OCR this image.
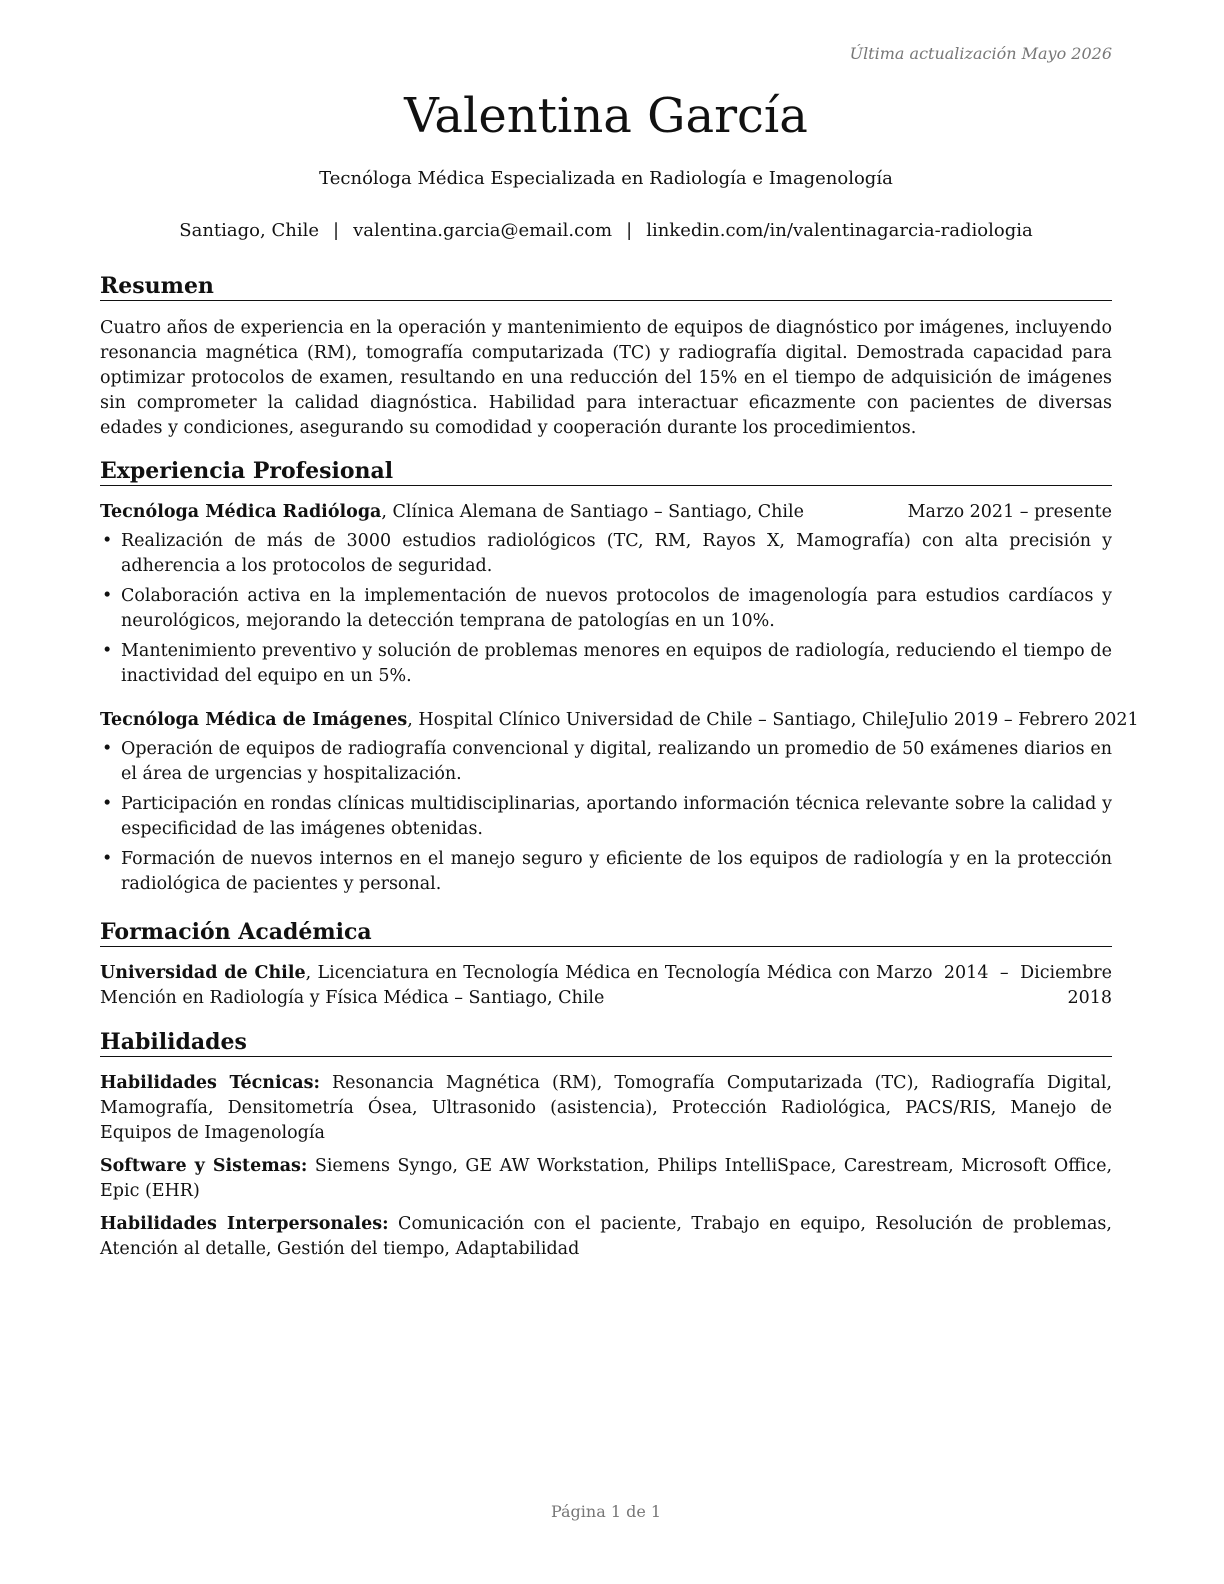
Última actualización Mayo 2026
Valentina García
Tecnóloga Médica Especializada en Radiología e Imagenología
Santiago, Chile | valentina.garcia@email.com | linkedin.com/in/valentinagarcia-radiologia
Resumen

Cuatro años de experiencia en la operación y mantenimiento de equipos de diagnóstico por imágenes, incluyendo resonancia magnética (RM), tomografía computarizada (TC) y radiografía digital. Demostrada capacidad para optimizar protocolos de examen, resultando en una reducción del 15% en el tiempo de adquisición de imágenes sin comprometer la calidad diagnóstica. Habilidad para interactuar eficazmente con pacientes de diversas edades y condiciones, asegurando su comodidad y cooperación durante los procedimientos.

Experiencia Profesional
Tecnóloga Médica Radióloga, Clínica Alemana de Santiago – Santiago, Chile	Marzo 2021 – presente
• Realización de más de 3000 estudios radiológicos (TC, RM, Rayos X, Mamografía) con alta precisión y adherencia a los protocolos de seguridad.
• Colaboración activa en la implementación de nuevos protocolos de imagenología para estudios cardíacos y neurológicos, mejorando la detección temprana de patologías en un 10%.
• Mantenimiento preventivo y solución de problemas menores en equipos de radiología, reduciendo el tiempo de inactividad del equipo en un 5%.
Tecnóloga Médica de Imágenes, Hospital Clínico Universidad de Chile – Santiago, Chile Julio 2019 – Febrero 2021
• Operación de equipos de radiografía convencional y digital, realizando un promedio de 50 exámenes diarios en el área de urgencias y hospitalización.
• Participación en rondas clínicas multidisciplinarias, aportando información técnica relevante sobre la calidad y especificidad de las imágenes obtenidas.
• Formación de nuevos internos en el manejo seguro y eficiente de los equipos de radiología y en la protección radiológica de pacientes y personal.
Formación Académica
Universidad de Chile, Licenciatura en Tecnología Médica en Tecnología Médica con Mención en Radiología y Física Médica – Santiago, Chile
Marzo 2014 – Diciembre 2018
Habilidades

Habilidades Técnicas: Resonancia Magnética (RM), Tomografía Computarizada (TC), Radiografía Digital, Mamografía, Densitometría Ósea, Ultrasonido (asistencia), Protección Radiológica, PACS/RIS, Manejo de Equipos de Imagenología

Software y Sistemas: Siemens Syngo, GE AW Workstation, Philips IntelliSpace, Carestream, Microsoft Office, Epic (EHR)

Habilidades Interpersonales: Comunicación con el paciente, Trabajo en equipo, Resolución de problemas, Atención al detalle, Gestión del tiempo, Adaptabilidad

Página 1 de 1
